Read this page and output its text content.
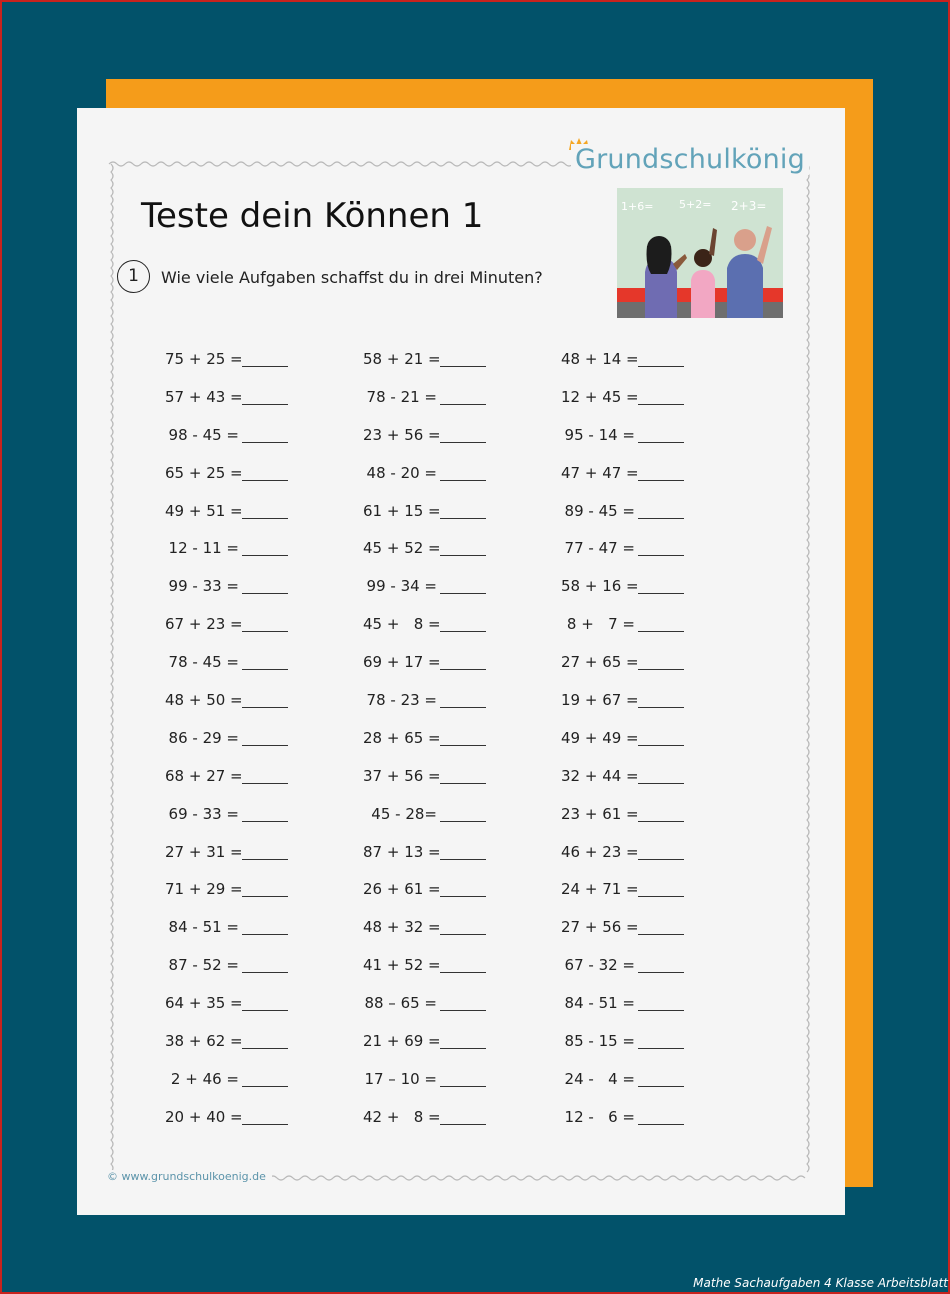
Grundschulkönig
Teste dein Können 1
1	Wie viele Aufgaben schaffst du in drei Minuten?
1+6= 5+2= 2+3=
75 + 25 =
57 + 43 =
98 - 45 =
65 + 25 =
49 + 51 =
12 - 11 =
99 - 33 =
67 + 23 =
78 - 45 =
48 + 50 =
86 - 29 =
68 + 27 =
69 - 33 =
27 + 31 =
71 + 29 =
84 - 51 =
87 - 52 =
64 + 35 =
38 + 62 =
2 + 46 =
20 + 40 =
58 + 21 =
78 - 21 =
23 + 56 =
48 - 20 =
61 + 15 =
45 + 52 =
99 - 34 =
45 +   8 =
69 + 17 =
78 - 23 =
28 + 65 =
37 + 56 =
45 - 28=
87 + 13 =
26 + 61 =
48 + 32 =
41 + 52 =
88 – 65 =
21 + 69 =
17 – 10 =
42 +   8 =
48 + 14 =
12 + 45 =
95 - 14 =
47 + 47 =
89 - 45 =
77 - 47 =
58 + 16 =
8 +   7 =
27 + 65 =
19 + 67 =
49 + 49 =
32 + 44 =
23 + 61 =
46 + 23 =
24 + 71 =
27 + 56 =
67 - 32 =
84 - 51 =
85 - 15 =
24 -   4 =
12 -   6 =
© www.grundschulkoenig.de
Mathe Sachaufgaben 4 Klasse Arbeitsblatt
